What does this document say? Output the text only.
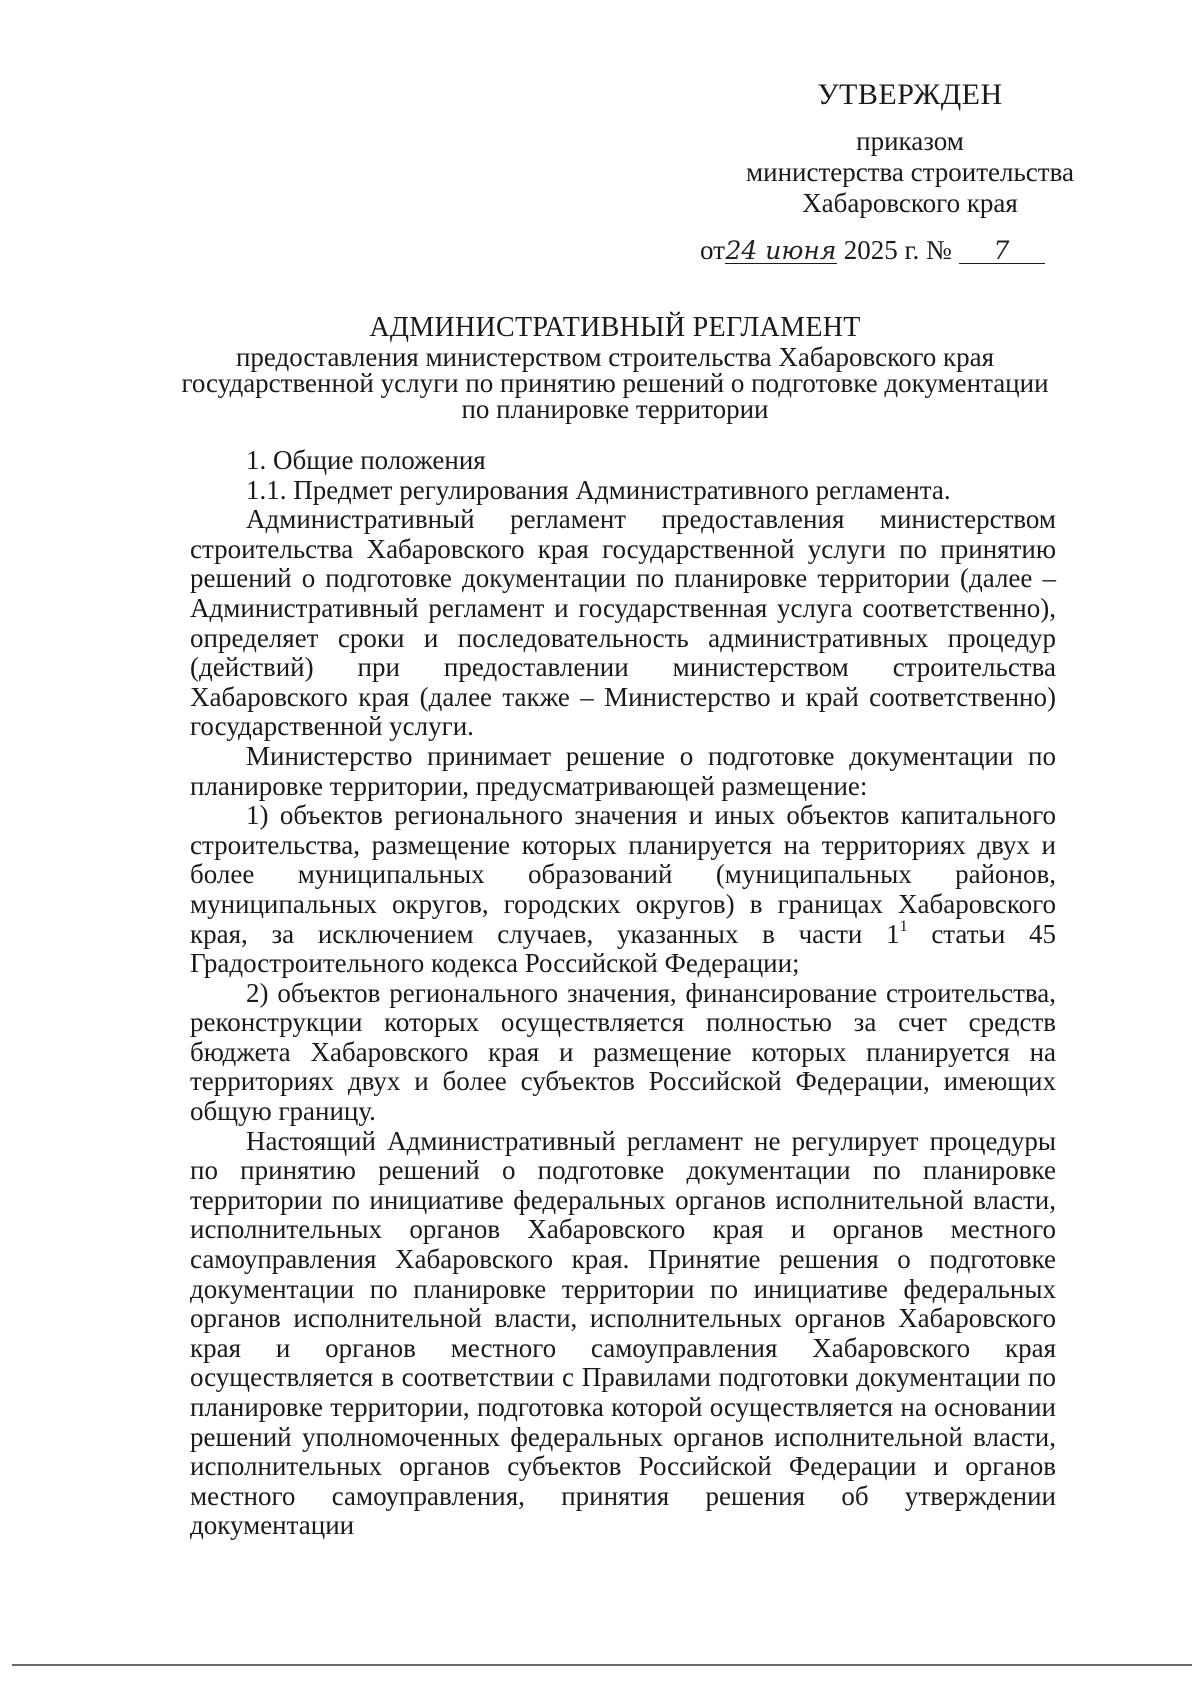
УТВЕРЖДЕН
приказом
министерства строительства
Хабаровского края
от24 июня 2025 г. № 7
АДМИНИСТРАТИВНЫЙ РЕГЛАМЕНТ
предоставления министерством строительства Хабаровского края
государственной услуги по принятию решений о подготовке документации
по планировке территории

1. Общие положения

1.1. Предмет регулирования Административного регламента.

Административный регламент предоставления министерством строительства Хабаровского края государственной услуги по принятию решений о подготовке документации по планировке территории (далее – Административный регламент и государственная услуга соответственно), определяет сроки и последовательность административных процедур (действий) при предоставлении министерством строительства Хабаровского края (далее также – Министерство и край соответственно) государственной услуги.

Министерство принимает решение о подготовке документации по планировке территории, предусматривающей размещение:

1) объектов регионального значения и иных объектов капитального строительства, размещение которых планируется на территориях двух и более муниципальных образований (муниципальных районов, муниципальных округов, городских округов) в границах Хабаровского края, за исключением случаев, указанных в части $1^1$ статьи 45 Градостроительного кодекса Российской Федерации;

2) объектов регионального значения, финансирование строительства, реконструкции которых осуществляется полностью за счет средств бюджета Хабаровского края и размещение которых планируется на территориях двух и более субъектов Российской Федерации, имеющих общую границу.

Настоящий Административный регламент не регулирует процедуры по принятию решений о подготовке документации по планировке территории по инициативе федеральных органов исполнительной власти, исполнительных органов Хабаровского края и органов местного самоуправления Хабаровского края. Принятие решения о подготовке документации по планировке территории по инициативе федеральных органов исполнительной власти, исполнительных органов Хабаровского края и органов местного самоуправления Хабаровского края осуществляется в соответствии с Правилами подготовки документации по планировке территории, подготовка которой осуществляется на основании решений уполномоченных федеральных органов исполнительной власти, исполнительных органов субъектов Российской Федерации и органов местного самоуправления, принятия решения об утверждении документации
